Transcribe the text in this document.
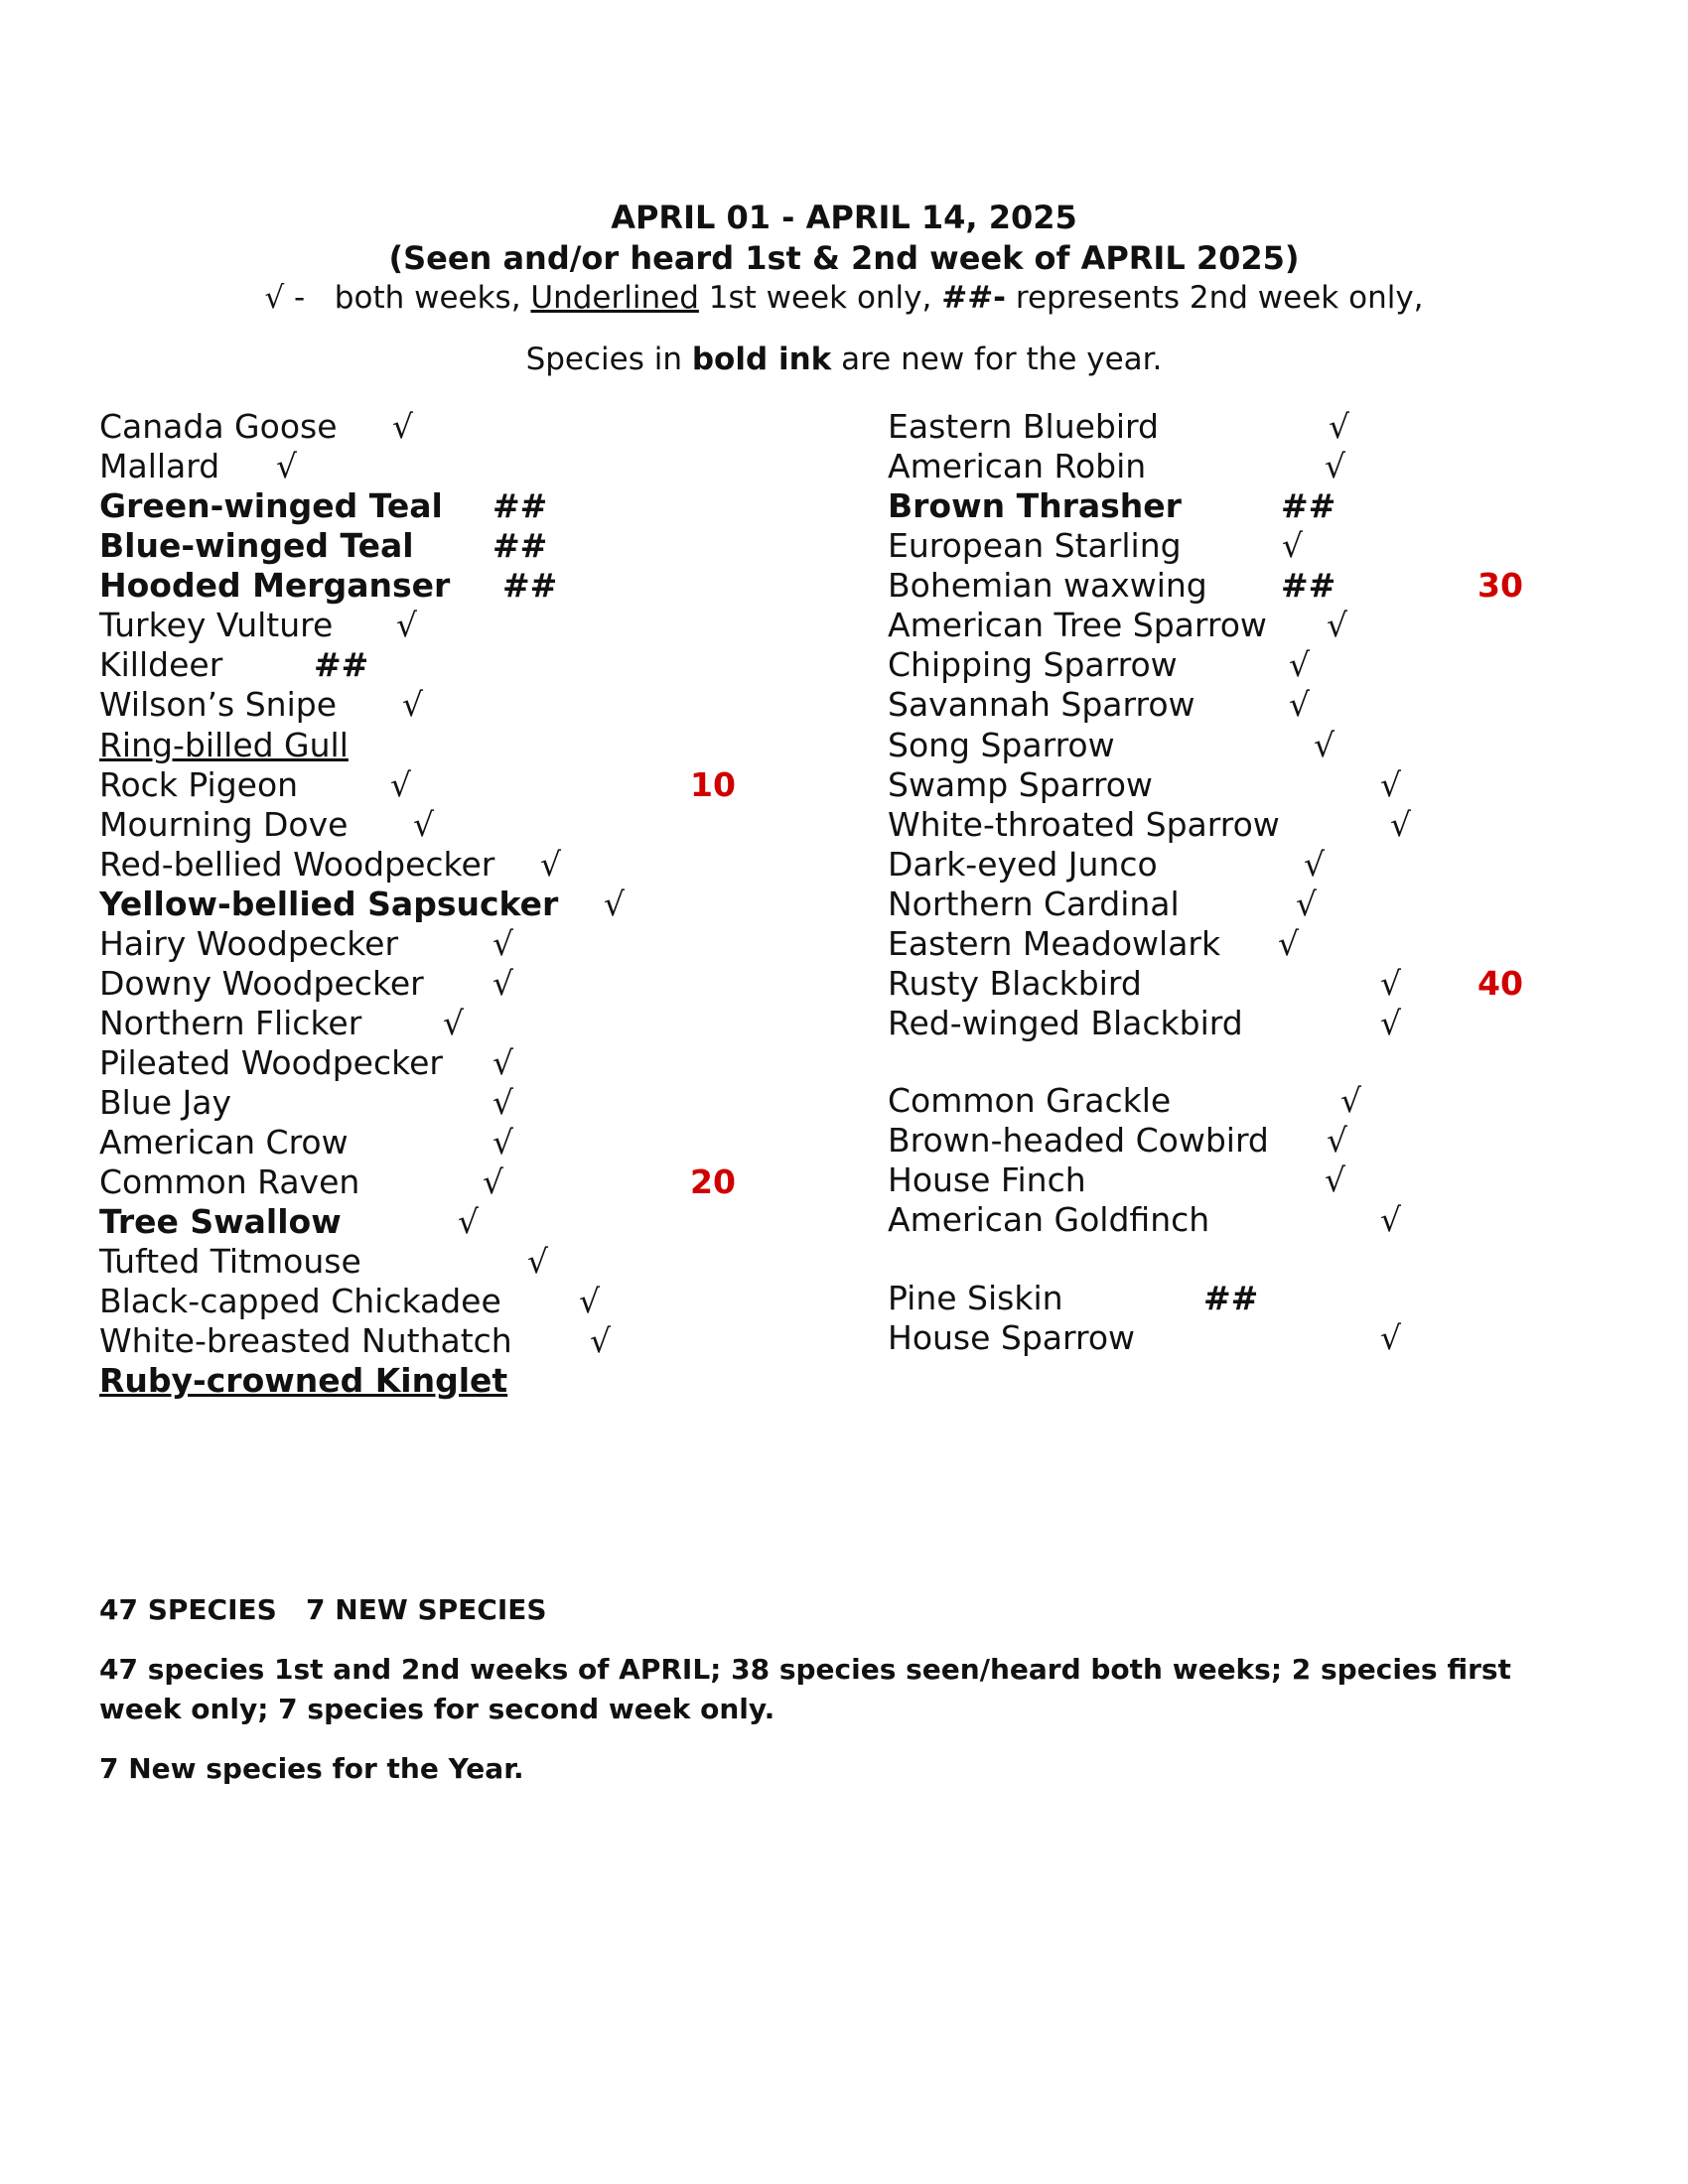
APRIL 01 - APRIL 14, 2025
(Seen and/or heard 1st & 2nd week of APRIL 2025)
√ - both weeks, Underlined 1st week only, ##- represents 2nd week only,
Species in bold ink are new for the year.
Canada Goose √
Mallard √
Green-winged Teal ##
Blue-winged Teal ##
Hooded Merganser ##
Turkey Vulture √
Killdeer	##
Wilson’s Snipe √
Ring-billed Gull
Rock Pigeon	√	10
Mourning Dove √
Red-bellied Woodpecker √
Yellow-bellied Sapsucker √
Hairy Woodpecker	√
Downy Woodpecker √
Northern Flicker √
Pileated Woodpecker √
Blue Jay	√
American Crow	√
Common Raven	√	20
Tree Swallow	√
Tufted Titmouse	√
Black-capped Chickadee √
White-breasted Nuthatch √
Ruby-crowned Kinglet
Eastern Bluebird	√
American Robin	√
Brown Thrasher	##
European Starling	√
Bohemian waxwing ##	30
American Tree Sparrow √
Chipping Sparrow	√
Savannah Sparrow	√
Song Sparrow	√
Swamp Sparrow	√
White-throated Sparrow	√
Dark-eyed Junco	√
Northern Cardinal	√
Eastern Meadowlark √
Rusty Blackbird	√ 40
Red-winged Blackbird	√
Common Grackle	√
Brown-headed Cowbird √
House Finch	√
American Goldfinch	√
Pine Siskin	##
House Sparrow	√
47 SPECIES   7 NEW SPECIES
47 species 1st and 2nd weeks of APRIL; 38 species seen/heard both weeks; 2 species first week only; 7 species for second week only.
7 New species for the Year.
